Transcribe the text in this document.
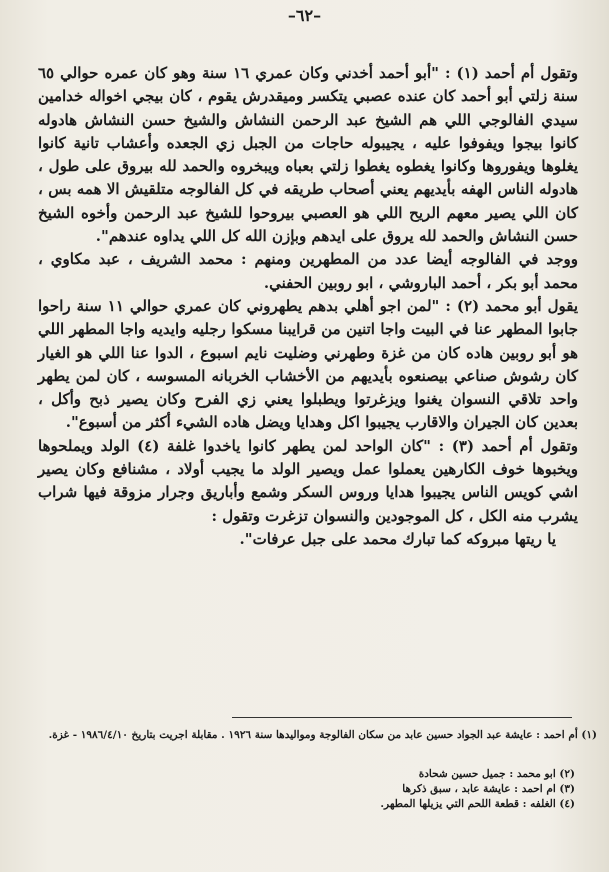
–٦٢–

وتقول أم أحمد (١) : "أبو أحمد أخدني وكان عمري ١٦ سنة وهو كان عمره حوالي ٦٥ سنة زلتي أبو أحمد كان عنده عصبي يتكسر وميقدرش يقوم ، كان بيجي اخواله خدامين سيدي الفالوجي اللي هم الشيخ عبد الرحمن النشاش والشيخ حسن النشاش هادوله كانوا بيجوا ويفوفوا عليه ، يجيبوله حاجات من الجبل زي الجعده وأعشاب تانية كانوا يغلوها ويفوروها وكانوا يغطوه يغطوا زلتي بعباه ويبخروه والحمد لله بيروق على طول ، هادوله الناس الهفه بأيديهم يعني أصحاب طريقه في كل الفالوجه متلقيش الا همه بس ، كان اللي يصير معهم الريح اللي هو العصبي بيروحوا للشيخ عبد الرحمن وأخوه الشيخ حسن النشاش والحمد لله يروق على ايدهم وبإزن الله كل اللي يداوه عندهم".

ووجد في الفالوجه أيضا عدد من المطهرين ومنهم : محمد الشريف ، عبد مكاوي ، محمد أبو بكر ، أحمد الباروشي ، ابو روبين الحفني.

يقول أبو محمد (٢) : "لمن اجو أهلي بدهم يطهروني كان عمري حوالي ١١ سنة راحوا جابوا المطهر عنا في البيت واجا اتنين من قرايبنا مسكوا رجليه وايديه واجا المطهر اللي هو أبو روبين هاده كان من غزة وطهرني وضليت نايم اسبوع ، الدوا عنا اللي هو الغيار كان رشوش صناعي بيصنعوه بأيديهم من الأخشاب الخربانه المسوسه ، كان لمن يطهر واحد تلاقي النسوان يغنوا ويزغرتوا ويطبلوا يعني زي الفرح وكان يصير ذبح وأكل ، بعدين كان الجيران والاقارب يجيبوا اكل وهدايا ويضل هاده الشيء أكثر من أسبوع".

وتقول أم أحمد (٣) : "كان الواحد لمن يطهر كانوا ياخدوا غلفة (٤) الولد ويملحوها ويخبوها خوف الكارهين يعملوا عمل ويصير الولد ما يجيب أولاد ، مشنافع وكان يصير اشي كويس الناس يجيبوا هدايا وروس السكر وشمع وأباريق وجرار مزوقة فيها شراب يشرب منه الكل ، كل الموجودين والنسوان تزغرت وتقول :

يا ريتها مبروكه كما تبارك محمد على جبل عرفات".

(١) أم احمد : عايشة عبد الجواد حسين عابد من سكان الفالوجة ومواليدها سنة ١٩٢٦ . مقابلة اجريت بتاريخ ١٩٨٦/٤/١٠ - غزة.

(٢) ابو محمد : جميل حسين شحادة

(٣) ام احمد : عايشة عابد ، سبق ذكرها

(٤) الغلفه : قطعة اللحم التي يزيلها المطهر.
